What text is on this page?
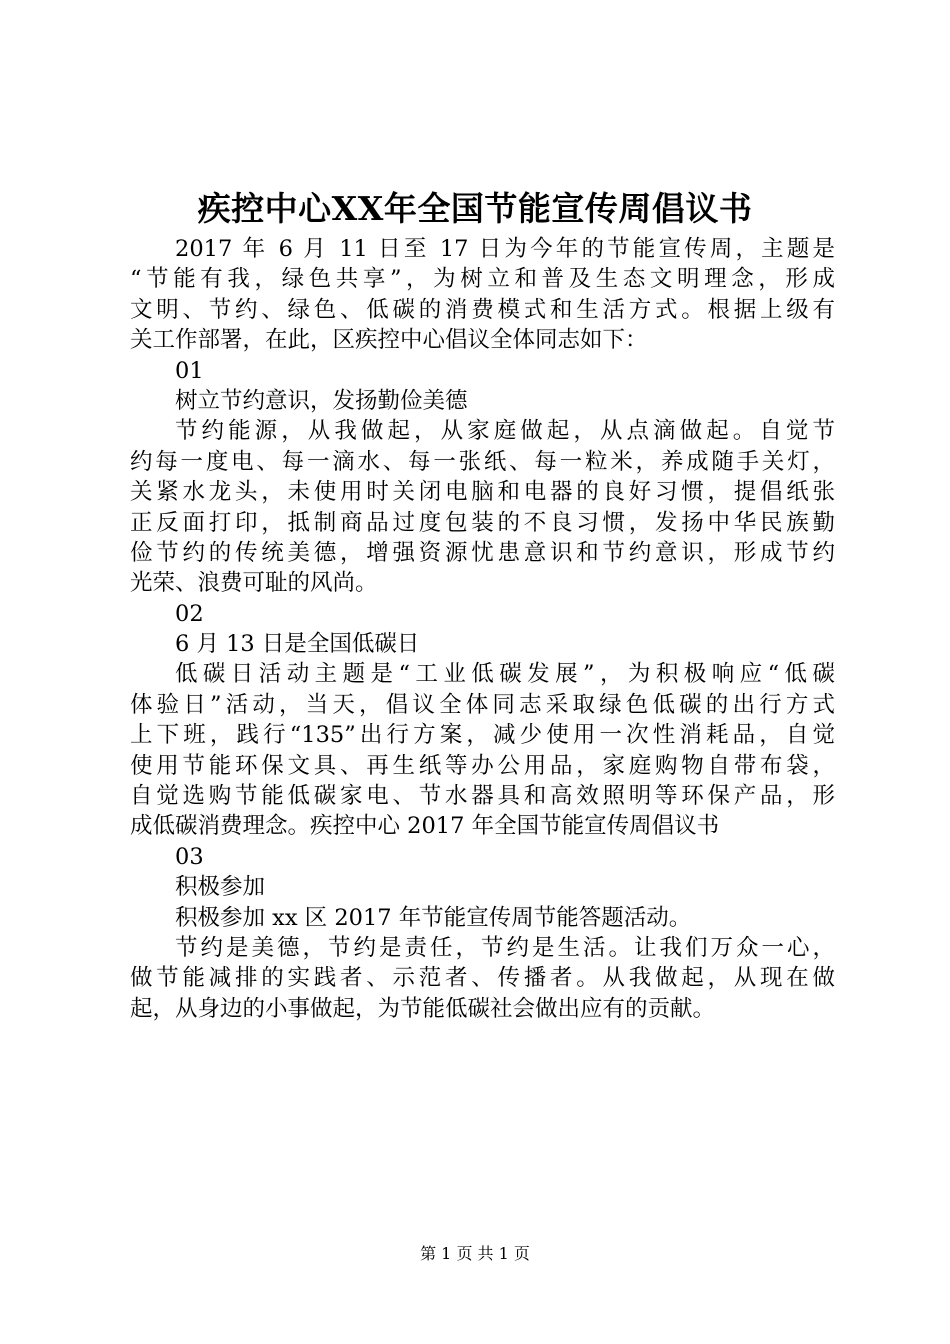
疾控中心XX年全国节能宣传周倡议书
2017 年 6 月 11 日至 17 日为今年的节能宣传周，主题是
“节能有我，绿色共享”，为树立和普及生态文明理念，形成
文明、节约、绿色、低碳的消费模式和生活方式。根据上级有
关工作部署，在此，区疾控中心倡议全体同志如下：
01
树立节约意识，发扬勤俭美德
节约能源，从我做起，从家庭做起，从点滴做起。自觉节
约每一度电、每一滴水、每一张纸、每一粒米，养成随手关灯，
关紧水龙头，未使用时关闭电脑和电器的良好习惯，提倡纸张
正反面打印，抵制商品过度包装的不良习惯，发扬中华民族勤
俭节约的传统美德，增强资源忧患意识和节约意识，形成节约
光荣、浪费可耻的风尚。
02
6 月 13 日是全国低碳日
低碳日活动主题是“工业低碳发展”，为积极响应“低碳
体验日”活动，当天，倡议全体同志采取绿色低碳的出行方式
上下班，践行“135”出行方案，减少使用一次性消耗品，自觉
使用节能环保文具、再生纸等办公用品，家庭购物自带布袋，
自觉选购节能低碳家电、节水器具和高效照明等环保产品，形
成低碳消费理念。疾控中心 2017 年全国节能宣传周倡议书
03
积极参加
积极参加 xx 区 2017 年节能宣传周节能答题活动。
节约是美德，节约是责任，节约是生活。让我们万众一心，
做节能减排的实践者、示范者、传播者。从我做起，从现在做
起，从身边的小事做起，为节能低碳社会做出应有的贡献。
第 1 页 共 1 页
